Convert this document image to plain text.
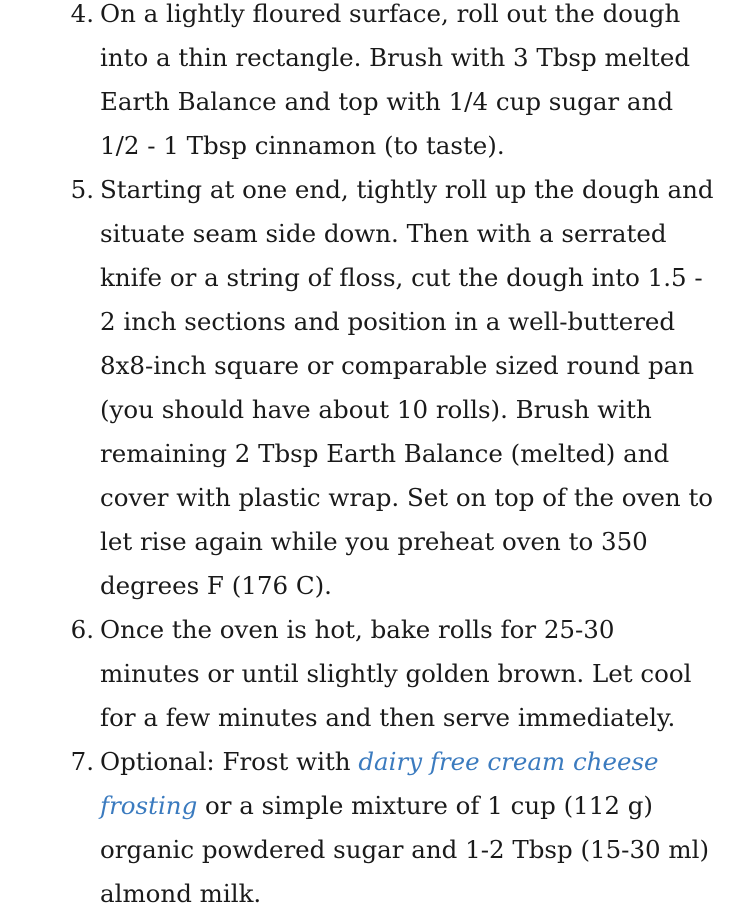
4. On a lightly floured surface, roll out the dough into a thin rectangle. Brush with 3 Tbsp melted Earth Balance and top with 1/4 cup sugar and 1/2 - 1 Tbsp cinnamon (to taste).
5. Starting at one end, tightly roll up the dough and situate seam side down. Then with a serrated knife or a string of floss, cut the dough into 1.5 - 2 inch sections and position in a well-buttered 8x8-inch square or comparable sized round pan (you should have about 10 rolls). Brush with remaining 2 Tbsp Earth Balance (melted) and cover with plastic wrap. Set on top of the oven to let rise again while you preheat oven to 350 degrees F (176 C).
6. Once the oven is hot, bake rolls for 25-30 minutes or until slightly golden brown. Let cool for a few minutes and then serve immediately.
7. Optional: Frost with dairy free cream cheese frosting or a simple mixture of 1 cup (112 g) organic powdered sugar and 1-2 Tbsp (15-30 ml) almond milk.
